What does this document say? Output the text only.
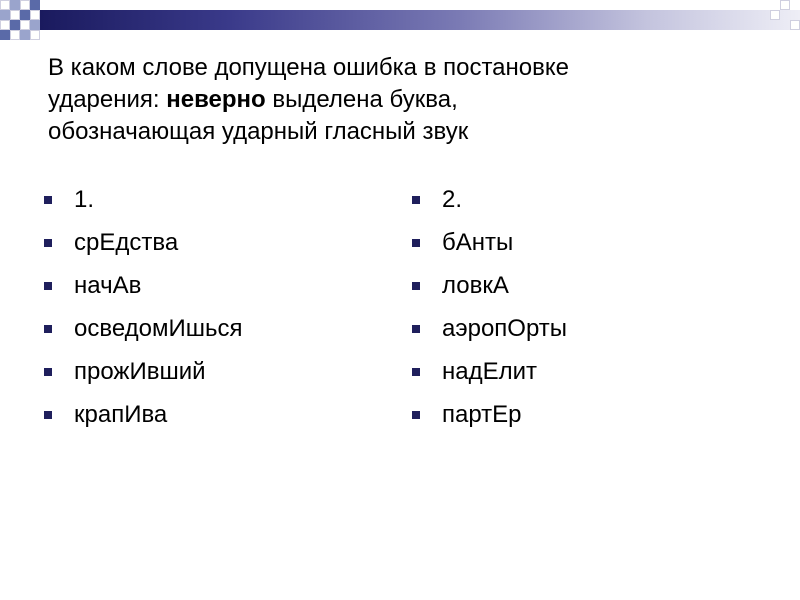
В каком слове допущена ошибка в постановке
ударения: неверно выделена буква,
обозначающая ударный гласный звук
1.
срЕдства
начАв
осведомИшься
прожИвший
крапИва
2.
бАнты
ловкА
аэропОрты
надЕлит
партЕр
